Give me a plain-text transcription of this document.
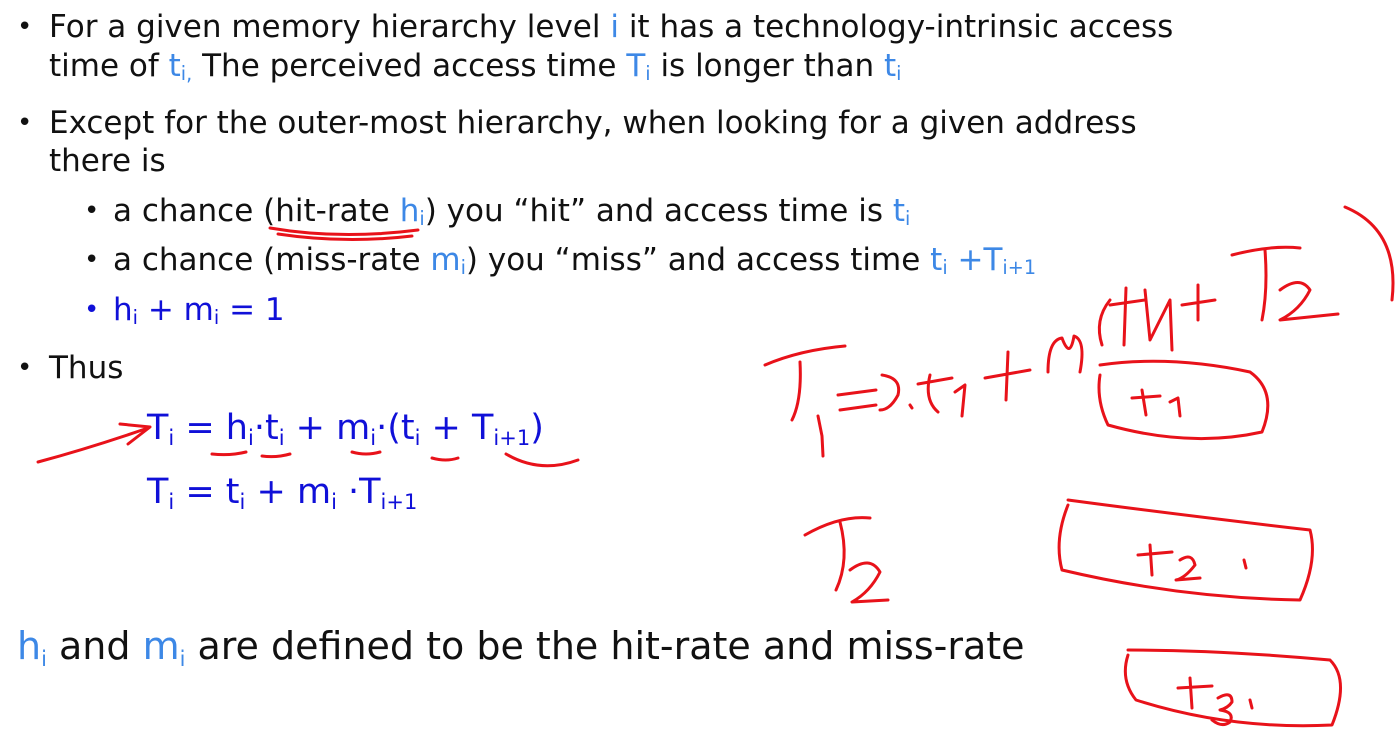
• For a given memory hierarchy level i it has a technology-intrinsic access
time of $t_{i,}$ The perceived access time $T_i$ is longer than $t_i$
• Except for the outer-most hierarchy, when looking for a given address
there is
• a chance (hit-rate $h_i$) you “hit” and access time is $t_i$
• a chance (miss-rate $m_i$) you “miss” and access time $t_i +T_{i+1}$
• $h_i + m_i = 1$
• Thus
$T_i = h_i\cdot t_i + m_i\cdot(t_i + T_{i+1})$
$T_i = t_i + m_i \cdot T_{i+1}$
$h_i$ and $m_i$ are defined to be the hit-rate and miss-rate
